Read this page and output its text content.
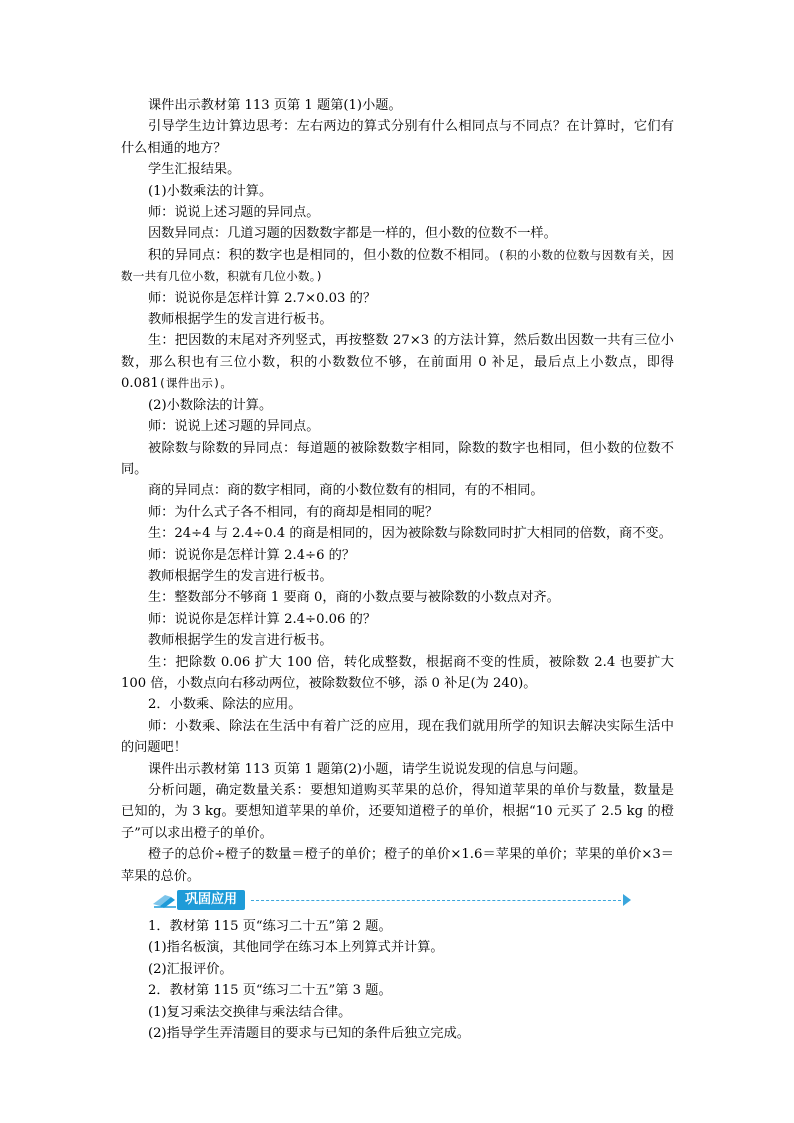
课件出示教材第 113 页第 1 题第(1)小题。

引导学生边计算边思考：左右两边的算式分别有什么相同点与不同点？在计算时，它们有什么相通的地方？

学生汇报结果。

(1)小数乘法的计算。

师：说说上述习题的异同点。

因数异同点：几道习题的因数数字都是一样的，但小数的位数不一样。

积的异同点：积的数字也是相同的，但小数的位数不相同。(积的小数的位数与因数有关，因数一共有几位小数，积就有几位小数。)

师：说说你是怎样计算 2.7×0.03 的？

教师根据学生的发言进行板书。

生：把因数的末尾对齐列竖式，再按整数 27×3 的方法计算，然后数出因数一共有三位小数，那么积也有三位小数，积的小数数位不够，在前面用 0 补足，最后点上小数点，即得 0.081(课件出示)。

(2)小数除法的计算。

师：说说上述习题的异同点。

被除数与除数的异同点：每道题的被除数数字相同，除数的数字也相同，但小数的位数不同。

商的异同点：商的数字相同，商的小数位数有的相同，有的不相同。

师：为什么式子各不相同，有的商却是相同的呢？

生：24÷4 与 2.4÷0.4 的商是相同的，因为被除数与除数同时扩大相同的倍数，商不变。

师：说说你是怎样计算 2.4÷6 的？

教师根据学生的发言进行板书。

生：整数部分不够商 1 要商 0，商的小数点要与被除数的小数点对齐。

师：说说你是怎样计算 2.4÷0.06 的？

教师根据学生的发言进行板书。

生：把除数 0.06 扩大 100 倍，转化成整数，根据商不变的性质，被除数 2.4 也要扩大 100 倍，小数点向右移动两位，被除数数位不够，添 0 补足(为 240)。

2．小数乘、除法的应用。

师：小数乘、除法在生活中有着广泛的应用，现在我们就用所学的知识去解决实际生活中的问题吧！

课件出示教材第 113 页第 1 题第(2)小题，请学生说说发现的信息与问题。

分析问题，确定数量关系：要想知道购买苹果的总价，得知道苹果的单价与数量，数量是已知的，为 3 kg。要想知道苹果的单价，还要知道橙子的单价，根据“10 元买了 2.5 kg 的橙子”可以求出橙子的单价。

橙子的总价÷橙子的数量＝橙子的单价；橙子的单价×1.6＝苹果的单价；苹果的单价×3＝苹果的总价。

巩固应用

1．教材第 115 页“练习二十五”第 2 题。

(1)指名板演，其他同学在练习本上列算式并计算。

(2)汇报评价。

2．教材第 115 页“练习二十五”第 3 题。

(1)复习乘法交换律与乘法结合律。

(2)指导学生弄清题目的要求与已知的条件后独立完成。
